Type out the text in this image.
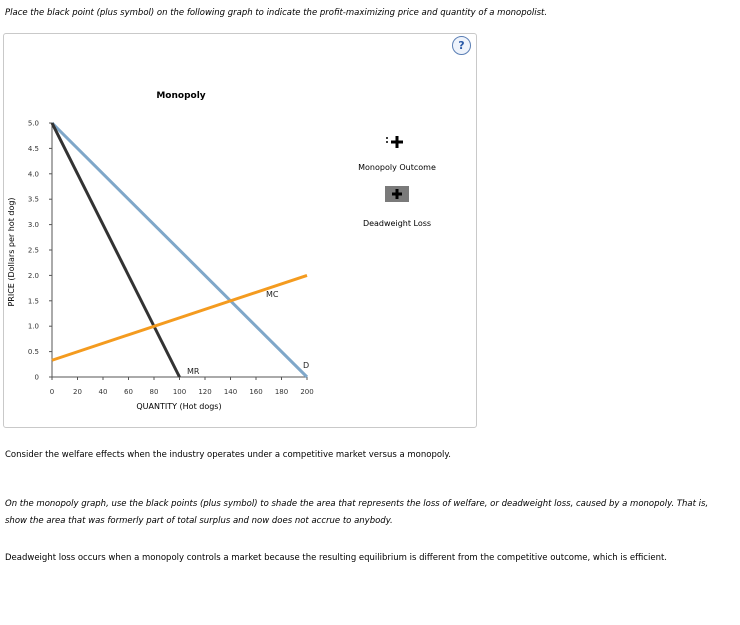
Place the black point (plus symbol) on the following graph to indicate the profit-maximizing price and quantity of a monopolist.
?
0
0.5
1.0
1.5
2.0
2.5
3.0
3.5
4.0
4.5
5.0
0	20 40 60 80 100 120 140 160 180 200
D
MR
MC
Monopoly
QUANTITY (Hot dogs)
PRICE (Dollars per hot dog)
Monopoly Outcome
Deadweight Loss
Consider the welfare effects when the industry operates under a competitive market versus a monopoly.
On the monopoly graph, use the black points (plus symbol) to shade the area that represents the loss of welfare, or deadweight loss, caused by a monopoly. That is, show the area that was formerly part of total surplus and now does not accrue to anybody.
Deadweight loss occurs when a monopoly controls a market because the resulting equilibrium is different from the competitive outcome, which is efficient.
